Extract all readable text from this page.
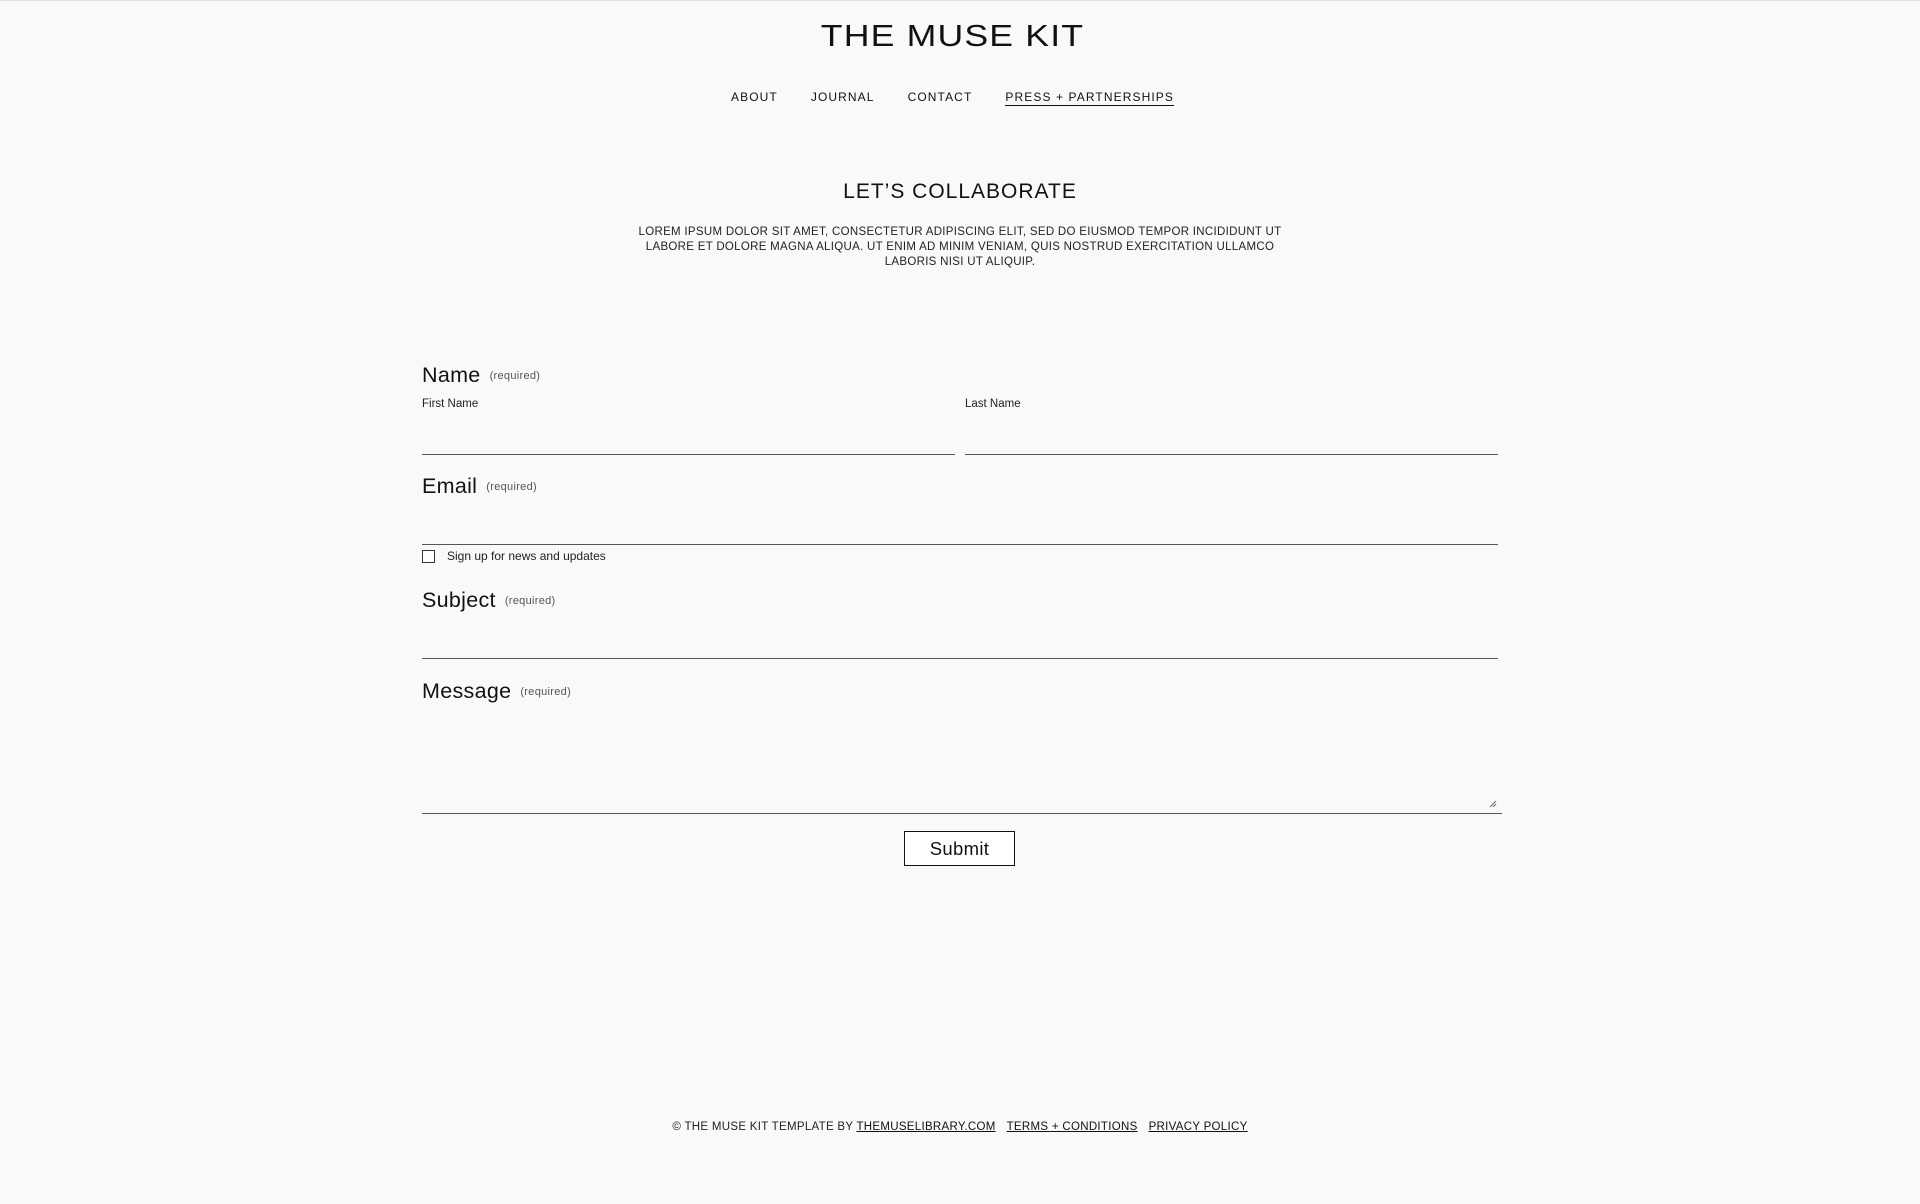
THE MUSE KIT
ABOUT	JOURNAL	CONTACT	PRESS + PARTNERSHIPS
LET’S COLLABORATE

LOREM IPSUM DOLOR SIT AMET, CONSECTETUR ADIPISCING ELIT, SED DO EIUSMOD TEMPOR INCIDIDUNT UT LABORE ET DOLORE MAGNA ALIQUA. UT ENIM AD MINIM VENIAM, QUIS NOSTRUD EXERCITATION ULLAMCO LABORIS NISI UT ALIQUIP.

Name (required)
First Name	Last Name
Email (required)
Sign up for news and updates
Subject (required)
Message (required)
Submit
© THE MUSE KIT TEMPLATE BY THEMUSELIBRARY.COM TERMS + CONDITIONS PRIVACY POLICY
